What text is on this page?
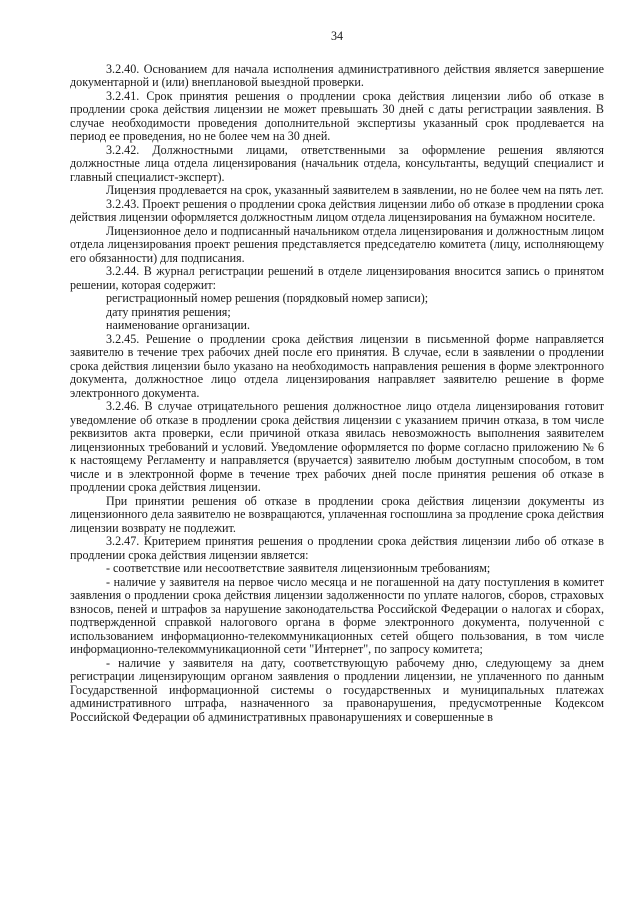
34

3.2.40. Основанием для начала исполнения административного действия является завершение документарной и (или) внеплановой выездной проверки.

3.2.41. Срок принятия решения о продлении срока действия лицензии либо об отказе в продлении срока действия лицензии не может превышать 30 дней с даты регистрации заявления. В случае необходимости проведения дополнительной экспертизы указанный срок продлевается на период ее проведения, но не более чем на 30 дней.

3.2.42. Должностными лицами, ответственными за оформление решения являются должностные лица отдела лицензирования (начальник отдела, консультанты, ведущий специалист и главный специалист-эксперт).

Лицензия продлевается на срок, указанный заявителем в заявлении, но не более чем на пять лет.

3.2.43. Проект решения о продлении срока действия лицензии либо об отказе в продлении срока действия лицензии оформляется должностным лицом отдела лицензирования на бумажном носителе.

Лицензионное дело и подписанный начальником отдела лицензирования и должностным лицом отдела лицензирования проект решения представляется председателю комитета (лицу, исполняющему его обязанности) для подписания.

3.2.44. В журнал регистрации решений в отделе лицензирования вносится запись о принятом решении, которая содержит:

регистрационный номер решения (порядковый номер записи);

дату принятия решения;

наименование организации.

3.2.45. Решение о продлении срока действия лицензии в письменной форме направляется заявителю в течение трех рабочих дней после его принятия. В случае, если в заявлении о продлении срока действия лицензии было указано на необходимость направления решения в форме электронного документа, должностное лицо отдела лицензирования направляет заявителю решение в форме электронного документа.

3.2.46. В случае отрицательного решения должностное лицо отдела лицензирования готовит уведомление об отказе в продлении срока действия лицензии с указанием причин отказа, в том числе реквизитов акта проверки, если причиной отказа явилась невозможность выполнения заявителем лицензионных требований и условий. Уведомление оформляется по форме согласно приложению № 6 к настоящему Регламенту и направляется (вручается) заявителю любым доступным способом, в том числе и в электронной форме в течение трех рабочих дней после принятия решения об отказе в продлении срока действия лицензии.

При принятии решения об отказе в продлении срока действия лицензии документы из лицензионного дела заявителю не возвращаются, уплаченная госпошлина за продление срока действия лицензии возврату не подлежит.

3.2.47. Критерием принятия решения о продлении срока действия лицензии либо об отказе в продлении срока действия лицензии является:

- соответствие или несоответствие заявителя лицензионным требованиям;

- наличие у заявителя на первое число месяца и не погашенной на дату поступления в комитет заявления о продлении срока действия лицензии задолженности по уплате налогов, сборов, страховых взносов, пеней и штрафов за нарушение законодательства Российской Федерации о налогах и сборах, подтвержденной справкой налогового органа в форме электронного документа, полученной с использованием информационно-телекоммуникационных сетей общего пользования, в том числе информационно-телекоммуникационной сети "Интернет", по запросу комитета;

- наличие у заявителя на дату, соответствующую рабочему дню, следующему за днем регистрации лицензирующим органом заявления о продлении лицензии, не уплаченного по данным Государственной информационной системы о государственных и муниципальных платежах административного штрафа, назначенного за правонарушения, предусмотренные Кодексом Российской Федерации об административных правонарушениях и совершенные в
